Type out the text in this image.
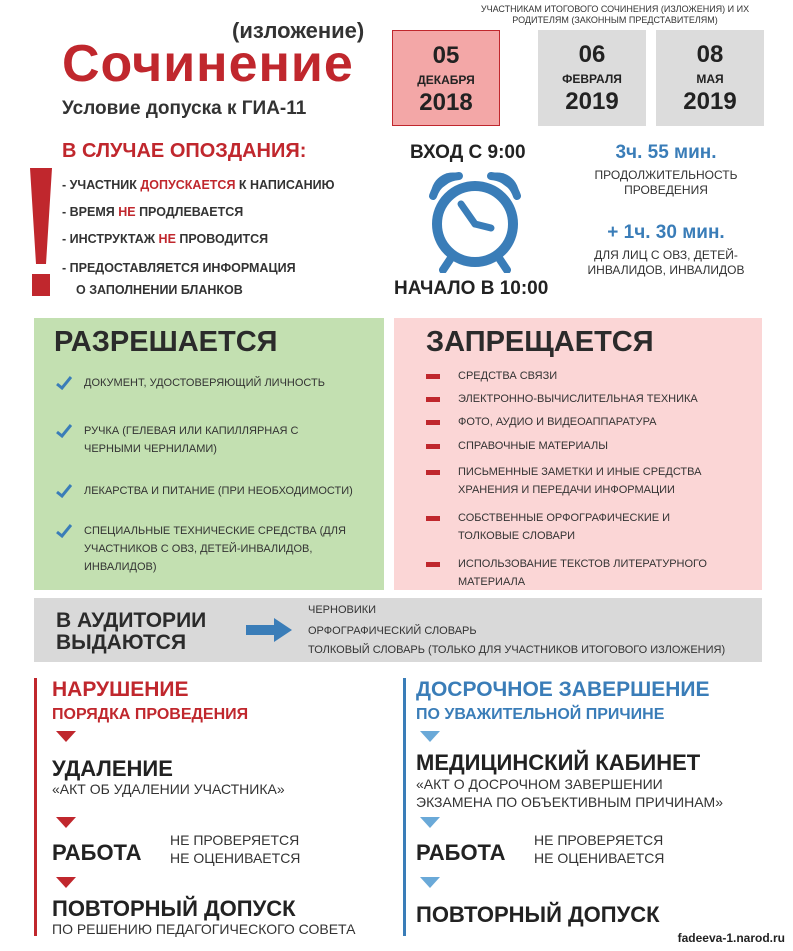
УЧАСТНИКАМ ИТОГОВОГО СОЧИНЕНИЯ (ИЗЛОЖЕНИЯ) И ИХ РОДИТЕЛЯМ (ЗАКОННЫМ ПРЕДСТАВИТЕЛЯМ)
(изложение)
Сочинение
Условие допуска к ГИА-11
05
ДЕКАБРЯ
2018
06
ФЕВРАЛЯ
2019
08
МАЯ
2019
В СЛУЧАЕ ОПОЗДАНИЯ:
- УЧАСТНИК ДОПУСКАЕТСЯ К НАПИСАНИЮ
- ВРЕМЯ НЕ ПРОДЛЕВАЕТСЯ
- ИНСТРУКТАЖ НЕ ПРОВОДИТСЯ
- ПРЕДОСТАВЛЯЕТСЯ ИНФОРМАЦИЯ
О ЗАПОЛНЕНИИ БЛАНКОВ
ВХОД С 9:00
НАЧАЛО В 10:00
3ч. 55 мин.
ПРОДОЛЖИТЕЛЬНОСТЬ ПРОВЕДЕНИЯ
+ 1ч. 30 мин.
ДЛЯ ЛИЦ С ОВЗ, ДЕТЕЙ-ИНВАЛИДОВ, ИНВАЛИДОВ
РАЗРЕШАЕТСЯ
ДОКУМЕНТ, УДОСТОВЕРЯЮЩИЙ ЛИЧНОСТЬ
РУЧКА (ГЕЛЕВАЯ ИЛИ КАПИЛЛЯРНАЯ С ЧЕРНЫМИ ЧЕРНИЛАМИ)
ЛЕКАРСТВА И ПИТАНИЕ (ПРИ НЕОБХОДИМОСТИ)
СПЕЦИАЛЬНЫЕ ТЕХНИЧЕСКИЕ СРЕДСТВА (ДЛЯ УЧАСТНИКОВ С ОВЗ, ДЕТЕЙ-ИНВАЛИДОВ, ИНВАЛИДОВ)
ЗАПРЕЩАЕТСЯ
СРЕДСТВА СВЯЗИ
ЭЛЕКТРОННО-ВЫЧИСЛИТЕЛЬНАЯ ТЕХНИКА
ФОТО, АУДИО И ВИДЕОАППАРАТУРА
СПРАВОЧНЫЕ МАТЕРИАЛЫ
ПИСЬМЕННЫЕ ЗАМЕТКИ И ИНЫЕ СРЕДСТВА ХРАНЕНИЯ И ПЕРЕДАЧИ ИНФОРМАЦИИ
СОБСТВЕННЫЕ ОРФОГРАФИЧЕСКИЕ И ТОЛКОВЫЕ СЛОВАРИ
ИСПОЛЬЗОВАНИЕ ТЕКСТОВ ЛИТЕРАТУРНОГО МАТЕРИАЛА
В АУДИТОРИИ
ВЫДАЮТСЯ
ЧЕРНОВИКИ
ОРФОГРАФИЧЕСКИЙ СЛОВАРЬ
ТОЛКОВЫЙ СЛОВАРЬ (ТОЛЬКО ДЛЯ УЧАСТНИКОВ ИТОГОВОГО ИЗЛОЖЕНИЯ)
НАРУШЕНИЕ
ПОРЯДКА ПРОВЕДЕНИЯ
УДАЛЕНИЕ
«АКТ ОБ УДАЛЕНИИ УЧАСТНИКА»
РАБОТА НЕ ПРОВЕРЯЕТСЯ
НЕ ОЦЕНИВАЕТСЯ
ПОВТОРНЫЙ ДОПУСК
ПО РЕШЕНИЮ ПЕДАГОГИЧЕСКОГО СОВЕТА
ДОСРОЧНОЕ ЗАВЕРШЕНИЕ
ПО УВАЖИТЕЛЬНОЙ ПРИЧИНЕ
МЕДИЦИНСКИЙ КАБИНЕТ
«АКТ О ДОСРОЧНОМ ЗАВЕРШЕНИИ
ЭКЗАМЕНА ПО ОБЪЕКТИВНЫМ ПРИЧИНАМ»
РАБОТА НЕ ПРОВЕРЯЕТСЯ
НЕ ОЦЕНИВАЕТСЯ
ПОВТОРНЫЙ ДОПУСК
fadeeva-1.narod.ru
